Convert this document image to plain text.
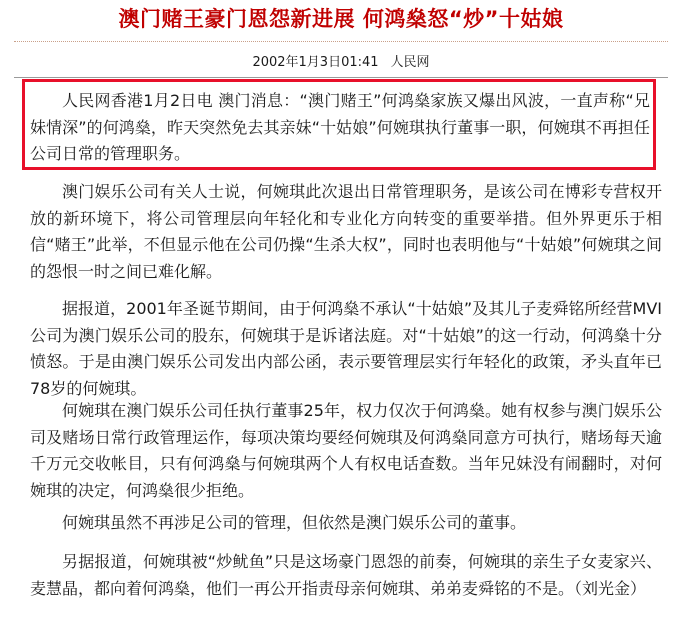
澳门赌王豪门恩怨新进展 何鸿燊怒“炒”十姑娘
2002年1月3日01:41 人民网

人民网香港1月2日电 澳门消息：“澳门赌王”何鸿燊家族又爆出风波，一直声称“兄妹情深”的何鸿燊，昨天突然免去其亲妹“十姑娘”何婉琪执行董事一职，何婉琪不再担任公司日常的管理职务。

澳门娱乐公司有关人士说，何婉琪此次退出日常管理职务，是该公司在博彩专营权开放的新环境下，将公司管理层向年轻化和专业化方向转变的重要举措。但外界更乐于相信“赌王”此举，不但显示他在公司仍操“生杀大权”，同时也表明他与“十姑娘”何婉琪之间的怨恨一时之间已难化解。

据报道，2001年圣诞节期间，由于何鸿燊不承认“十姑娘”及其儿子麦舜铭所经营MVI公司为澳门娱乐公司的股东，何婉琪于是诉诸法庭。对“十姑娘”的这一行动，何鸿燊十分愤怒。于是由澳门娱乐公司发出内部公函，表示要管理层实行年轻化的政策，矛头直年已78岁的何婉琪。

何婉琪在澳门娱乐公司任执行董事25年，权力仅次于何鸿燊。她有权参与澳门娱乐公司及赌场日常行政管理运作，每项决策均要经何婉琪及何鸿燊同意方可执行，赌场每天逾千万元交收帐目，只有何鸿燊与何婉琪两个人有权电话查数。当年兄妹没有闹翻时，对何婉琪的决定，何鸿燊很少拒绝。

何婉琪虽然不再涉足公司的管理，但依然是澳门娱乐公司的董事。

另据报道，何婉琪被“炒鱿鱼”只是这场豪门恩怨的前奏，何婉琪的亲生子女麦家兴、麦慧晶，都向着何鸿燊，他们一再公开指责母亲何婉琪、弟弟麦舜铭的不是。（刘光金）
